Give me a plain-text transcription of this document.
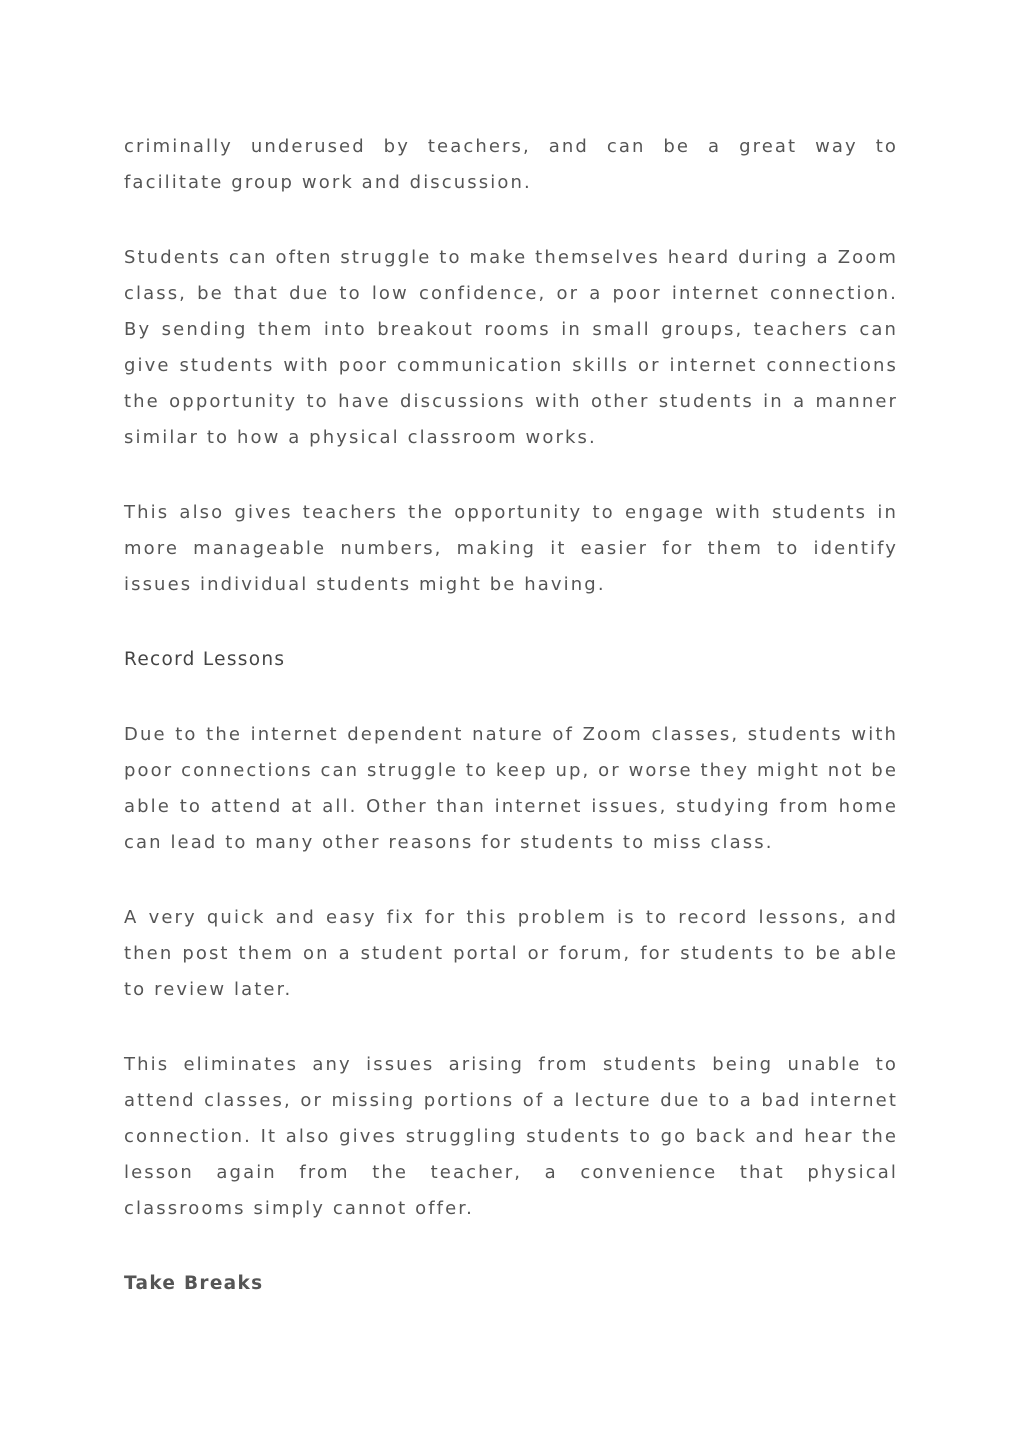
criminally underused by teachers, and can be a great way to facilitate group work and discussion.

Students can often struggle to make themselves heard during a Zoom class, be that due to low confidence, or a poor internet connection. By sending them into breakout rooms in small groups, teachers can give students with poor communication skills or internet connections the opportunity to have discussions with other students in a manner similar to how a physical classroom works.

This also gives teachers the opportunity to engage with students in more manageable numbers, making it easier for them to identify issues individual students might be having.

Record Lessons

Due to the internet dependent nature of Zoom classes, students with poor connections can struggle to keep up, or worse they might not be able to attend at all. Other than internet issues, studying from home can lead to many other reasons for students to miss class.

A very quick and easy fix for this problem is to record lessons, and then post them on a student portal or forum, for students to be able to review later.

This eliminates any issues arising from students being unable to attend classes, or missing portions of a lecture due to a bad internet connection. It also gives struggling students to go back and hear the lesson again from the teacher, a convenience that physical classrooms simply cannot offer.

Take Breaks
